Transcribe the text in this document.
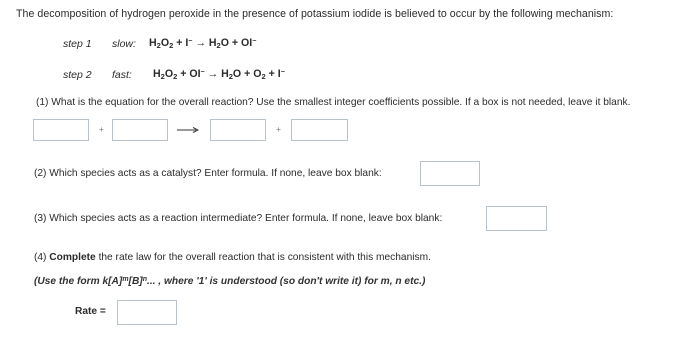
The decomposition of hydrogen peroxide in the presence of potassium iodide is believed to occur by the following mechanism:
step 1 slow: $H_2O_2 + I^- \to H_2O + OI^-$
step 2 fast: $H_2O_2 + OI^- \to H_2O + O_2 + I^-$
(1) What is the equation for the overall reaction? Use the smallest integer coefficients possible. If a box is not needed, leave it blank.
+	+
(2) Which species acts as a catalyst? Enter formula. If none, leave box blank:
(3) Which species acts as a reaction intermediate? Enter formula. If none, leave box blank:
(4) Complete the rate law for the overall reaction that is consistent with this mechanism.
(Use the form $k[A]^m[B]^n$... , where '1' is understood (so don't write it) for m, n etc.)
Rate =
